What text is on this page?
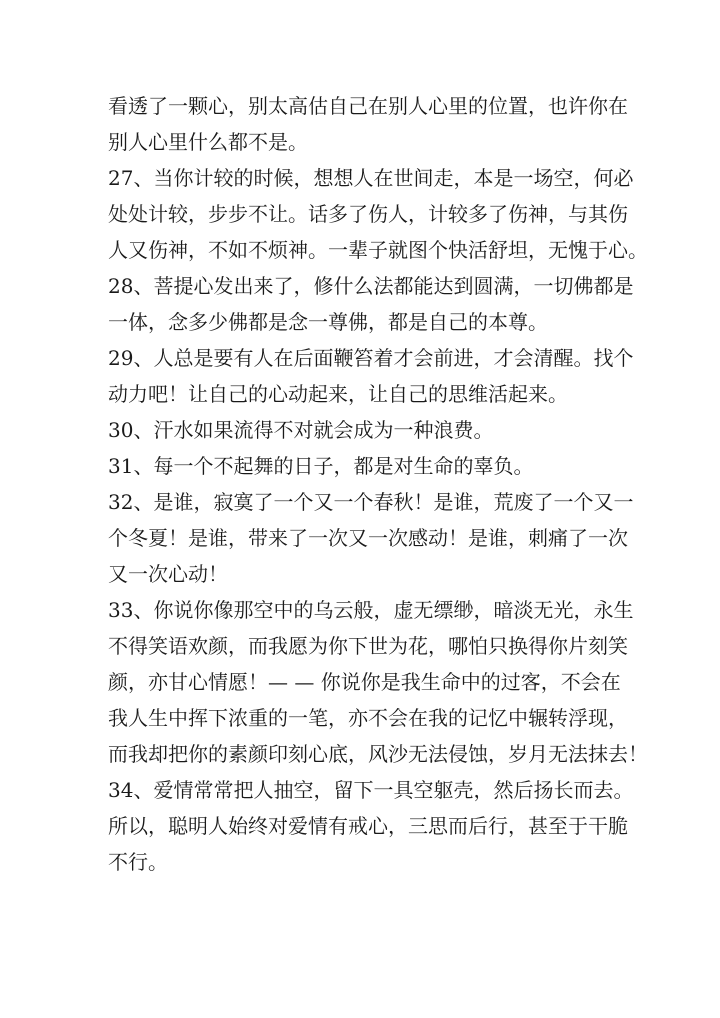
看透了一颗心，别太高估自己在别人心里的位置，也许你在
别人心里什么都不是。
27、当你计较的时候，想想人在世间走，本是一场空，何必
处处计较，步步不让。话多了伤人，计较多了伤神，与其伤
人又伤神，不如不烦神。一辈子就图个快活舒坦，无愧于心。
28、菩提心发出来了，修什么法都能达到圆满，一切佛都是
一体，念多少佛都是念一尊佛，都是自己的本尊。
29、人总是要有人在后面鞭笞着才会前进，才会清醒。找个
动力吧！让自己的心动起来，让自己的思维活起来。
30、汗水如果流得不对就会成为一种浪费。
31、每一个不起舞的日子，都是对生命的辜负。
32、是谁，寂寞了一个又一个春秋！是谁，荒废了一个又一
个冬夏！是谁，带来了一次又一次感动！是谁，刺痛了一次
又一次心动！
33、你说你像那空中的乌云般，虚无缥缈，暗淡无光，永生
不得笑语欢颜，而我愿为你下世为花，哪怕只换得你片刻笑
颜，亦甘心情愿！— — 你说你是我生命中的过客，不会在
我人生中挥下浓重的一笔，亦不会在我的记忆中辗转浮现，
而我却把你的素颜印刻心底，风沙无法侵蚀，岁月无法抹去！
34、爱情常常把人抽空，留下一具空躯壳，然后扬长而去。
所以，聪明人始终对爱情有戒心，三思而后行，甚至于干脆
不行。
